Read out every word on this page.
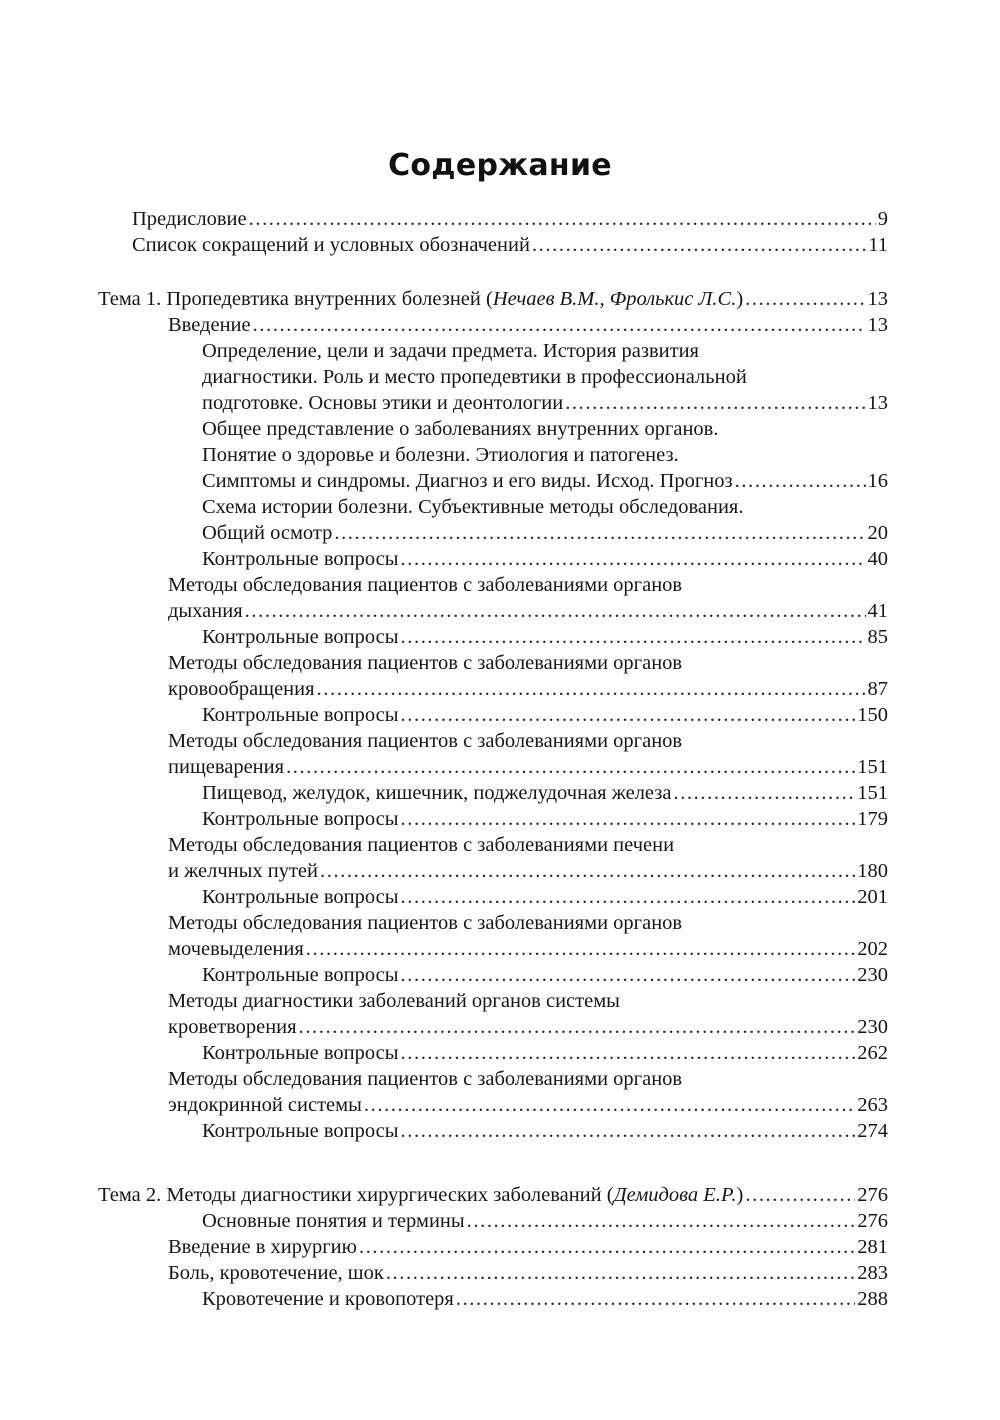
Содержание
Предисловие .....	9
Список сокращений и условных обозначений .....	11
Тема 1. Пропедевтика внутренних болезней (Нечаев В.М., Фролькис Л.С.) .....	13
Введение .....	13
Определение, цели и задачи предмета. История развития
диагностики. Роль и место пропедевтики в профессиональной
подготовке. Основы этики и деонтологии .....	13
Общее представление о заболеваниях внутренних органов.
Понятие о здоровье и болезни. Этиология и патогенез.
Симптомы и синдромы. Диагноз и его виды. Исход. Прогноз .....	16
Схема истории болезни. Субъективные методы обследования.
Общий осмотр .....	20
Контрольные вопросы .....	40
Методы обследования пациентов с заболеваниями органов
дыхания .....	41
Контрольные вопросы .....	85
Методы обследования пациентов с заболеваниями органов
кровообращения .....	87
Контрольные вопросы .....	150
Методы обследования пациентов с заболеваниями органов
пищеварения .....	151
Пищевод, желудок, кишечник, поджелудочная железа .....	151
Контрольные вопросы .....	179
Методы обследования пациентов с заболеваниями печени
и желчных путей .....	180
Контрольные вопросы .....	201
Методы обследования пациентов с заболеваниями органов
мочевыделения .....	202
Контрольные вопросы .....	230
Методы диагностики заболеваний органов системы
кроветворения .....	230
Контрольные вопросы .....	262
Методы обследования пациентов с заболеваниями органов
эндокринной системы .....	263
Контрольные вопросы .....	274
Тема 2. Методы диагностики хирургических заболеваний (Демидова Е.Р.) .....	276
Основные понятия и термины .....	276
Введение в хирургию .....	281
Боль, кровотечение, шок .....	283
Кровотечение и кровопотеря .....	288
